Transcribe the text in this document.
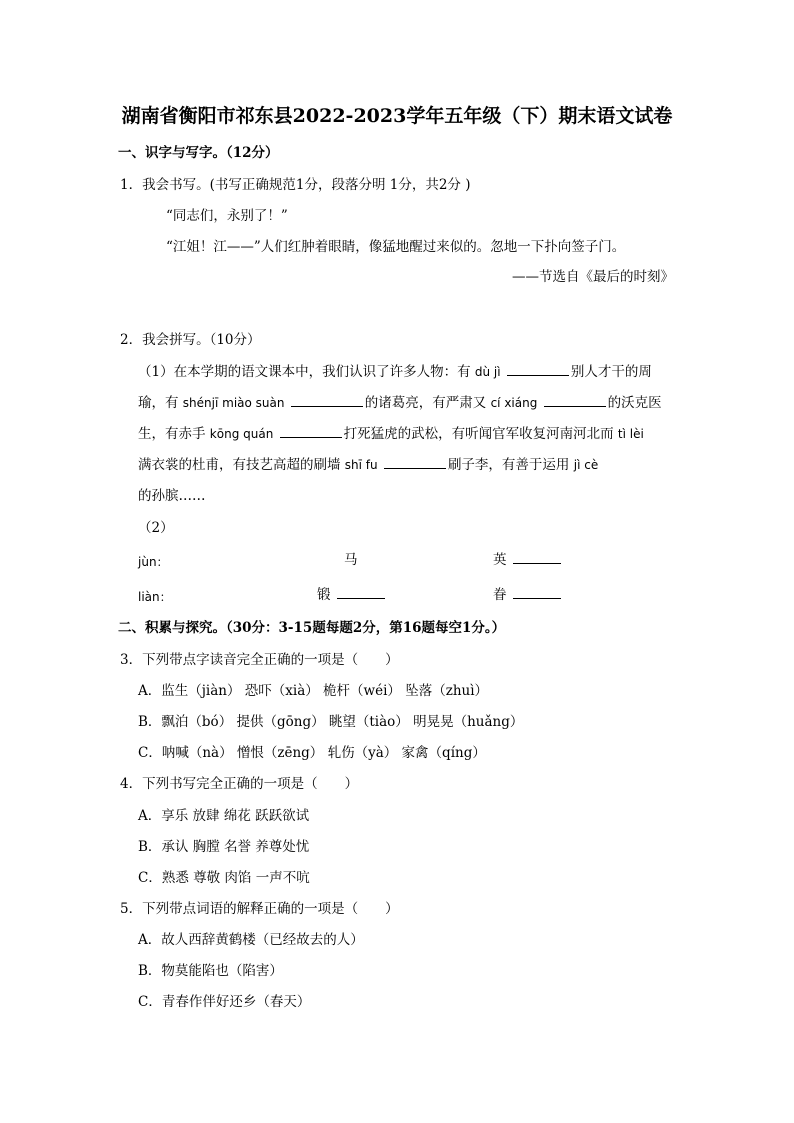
湖南省衡阳市祁东县2022-2023学年五年级（下）期末语文试卷
一、识字与写字。（12分）
1．我会书写。(书写正确规范1分，段落分明 1分，共2分 )
“同志们，永别了！”
“江姐！江——”人们红肿着眼睛，像猛地醒过来似的。忽地一下扑向签子门。
——节选自《最后的时刻》
2．我会拼写。（10分）
（1）在本学期的语文课本中，我们认识了许多人物：有 dù jì	别人才干的周
瑜，有 shénjī miào suàn	的诸葛亮，有严肃又 cí xiáng	的沃克医
生，有赤手 kōng quán	打死猛虎的武松，有听闻官军收复河南河北而 tì lèi
满衣裳的杜甫，有技艺高超的刷墙 shī fu	刷子李，有善于运用 jì cè
的孙膑……
（2）
jùn：	马	英
liàn：	锻	眷
二、积累与探究。（30分：3-15题每题2分，第16题每空1分。）
3．下列带点字读音完全正确的一项是（　　）
A．监生（jiàn） 恐吓（xià） 桅杆（wéi） 坠落（zhuì）
B．飘泊（bó） 提供（gōng） 眺望（tiào） 明晃晃（huǎng）
C．呐喊（nà） 憎恨（zēng） 轧伤（yà） 家禽（qíng）
4．下列书写完全正确的一项是（　　）
A．享乐 放肆 绵花 跃跃欲试
B．承认 胸膛 名誉 养尊处忧
C．熟悉 尊敬 肉馅 一声不吭
5．下列带点词语的解释正确的一项是（　　）
A．故人西辞黄鹤楼（已经故去的人）
B．物莫能陷也（陷害）
C．青春作伴好还乡（春天）
